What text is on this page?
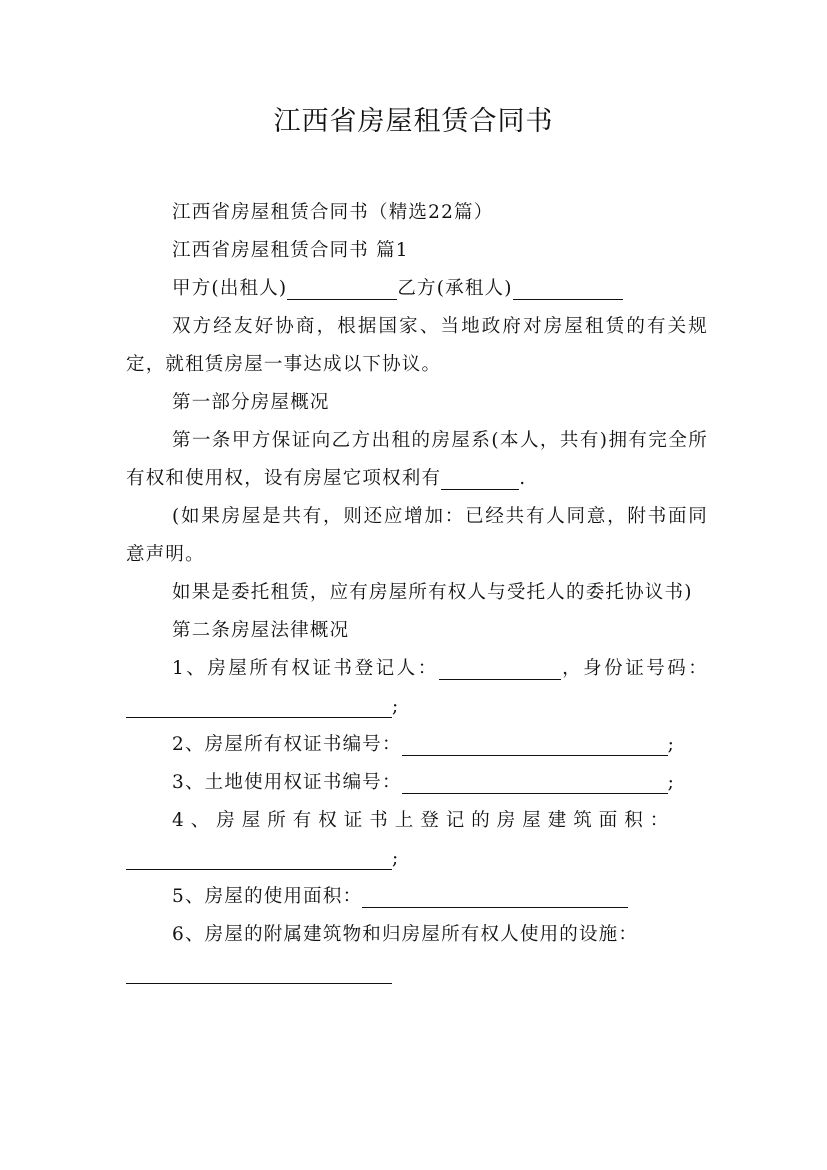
江西省房屋租赁合同书

江西省房屋租赁合同书（精选22篇）

江西省房屋租赁合同书 篇1

甲方(出租人)	乙方(承租人)

双方经友好协商，根据国家、当地政府对房屋租赁的有关规定，就租赁房屋一事达成以下协议。

第一部分房屋概况

第一条甲方保证向乙方出租的房屋系(本人，共有)拥有完全所有权和使用权，设有房屋它项权利有	.

(如果房屋是共有，则还应增加：已经共有人同意，附书面同意声明。

如果是委托租赁，应有房屋所有权人与受托人的委托协议书)

第二条房屋法律概况

1、房屋所有权证书登记人：	，身份证号码：;

2、房屋所有权证书编号：	;

3、土地使用权证书编号：	;

4、房屋所有权证书上登记的房屋建筑面积：

;

5、房屋的使用面积：

6、房屋的附属建筑物和归房屋所有权人使用的设施：
